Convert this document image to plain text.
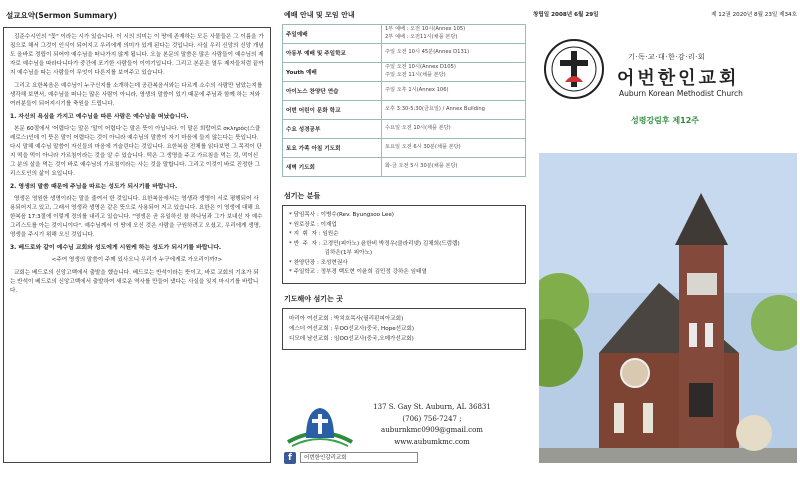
설교요약(Sermon Summary)

김준수시인의 "꽃" 이라는 시가 있습니다. 이 시의 의미는 이 땅에 존재하는 모든 사물들은 그 이름을 가짐으로 해서 그것이 인식이 되어지고 우리에게 의미가 있게 된다는 것입니다. 사실 우리 신앙의 신앙 개념도 올바로 정립이 되어야 예수님을 떠나가지 않게 됩니다. 오늘 본문의 말씀은 많은 사람들이 예수님의 제자로 예수님을 따라다니다가 중간에 포기한 사람들이 이야기입니다. 그리고 본문은 열두 제자들처럼 끝까지 예수님을 따는 사람들이 무엇이 다른지를 보여주고 있습니다.

그리고 요한복음은 예수님이 누구신지를 소개하는데 공관복음서와는 다르게 소수의 사람만 남았는지를 생각해 보면서, 예수님을 떠나는 많은 사람이 아니라, 영생의 말씀이 있기 때문에 주님과 함께 하는 저와 여러분들이 되어지시기를 축원을 드립니다.

1. 자신의 욕심을 가지고 예수님을 따른 사람은 예수님을 떠났습니다.

본문 60절에서 '어렵다'는 말은 '말이 어렵다'는 말은 뜻이 아닙니다. 이 말은 희랍어로 σκληρός(스클레로스)인데 이 뜻은 말이 어렵다는 것이 아니라 예수님의 말씀이 자기 마음에 들지 않는다는 뜻입니다. 다시 말해 예수님 말씀이 자신들의 마음에 거슬린다는 것입니다. 요한복음 전체를 읽다보면 그 목적이 단지 떡을 먹이 아니라 가르침이라는 것을 알 수 있습니다. 떡은 그 생명을 주고 가르침을 먹는 것, 떡이신 그 분의 살을 먹는 것이 바로 예수님의 가르침이라는 사는 것을 말합니다. 그리고 이것이 바로 진정한 그리스도인의 삶이 요입니다.

2. 영생의 말씀 때문에 주님을 따르는 성도가 되시기를 바랍니다.

영생은 영원한 생명이라는 말을 줄여서 한 것입니다. 요한복음에서는 영생과 생명이 서로 평행되어 사용되어지고 있고, 그래서 영생과 생명은 같은 뜻으로 사용되어 지고 있습니다. 요한은 이 영생에 대해 요한복음 17:3절에 이렇게 정의를 내리고 있습니다. "영생은 곧 유일하신 참 하나님과 그가 보내신 자 예수 그리스도를 아는 것이니이다". 예수님께서 이 땅에 오신 것은 사람을 구원하려고 오셨고, 우리에게 생명, 영생을 주시기 위해 오신 것입니다.

3. 베드로와 같이 예수님 교회와 성도에게 시원케 하는 성도가 되시기를 바랍니다.

<주여 영생의 말씀이 주께 있사오니 우리가 누구에게로 가오리이까?>

교회는 베드로의 신앙고백에서 출발을 했습니다. 베드로는 반석이라는 뜻이고, 바로 교회의 기초가 되는 반석이 베드로의 신앙고백에서 출발하여 새로운 역사를 만들어 냈다는 사실을 잊지 마시기를 바랍니다.

예배 안내 및 모임 안내
주일예배	1부 예배 : 오전 10시(Annex 105)
2부 예배 : 오전11시(채플 본당)
아동부 예배 및 주일학교	주일 오전 10시 45분(Annex D131)
Youth 예배	주일 오전 10시(Annex D105)
주일 오전 11시(채플 본당)
아이노스 찬양단 연습	주일 오후 1시(Annex 106)
어번 어린이 문화 학교	오후 3:30-5:30(금요일) / Annex Building
수요 성경공부	수요일 오전 10시(채플 본당)
토요 가족 아침 기도회	토요일 오전 6시 30분(채플 본당)
새벽 기도회	화-금 오전 5시 30분(채플 본당)
섬기는 분들
* 담임목사 : 이병수(Rev. Byungsoo Lee)
* 원로장로 : 이재업
* 지  휘  자 : 임원순
* 반  주  자 : 고경민(피아노) 윤한비 박정우(클라리넷) 김채희(드럼랩)
김하은(1부 피아노)
* 찬양단장 : 조성현권사
* 주일학교 : 정부경 백도현 이윤희 김민정 강하은 임태열
기도해야 섬기는 곳
마리아 여선교회 : 박치호목사(필리핀피아교회)
에스더 여선교회 : 무OO선교사(중국, Hope선교회)
디모데 남선교회 : 임OO선교사(중국,오메가선교회)
137 S. Gay St. Auburn, AL 36831
(706) 756-7247 ; auburnkmc0909@gmail.com
www.aubumkmc.com
f	어번한인감리교회
창립일 2008년 6월 29일	제 12권 2020년 8월 23일 제34호
기·독·교·대·한·감·리·회
어번한인교회
Auburn Korean Methodist Church
성령강림후 제12주
